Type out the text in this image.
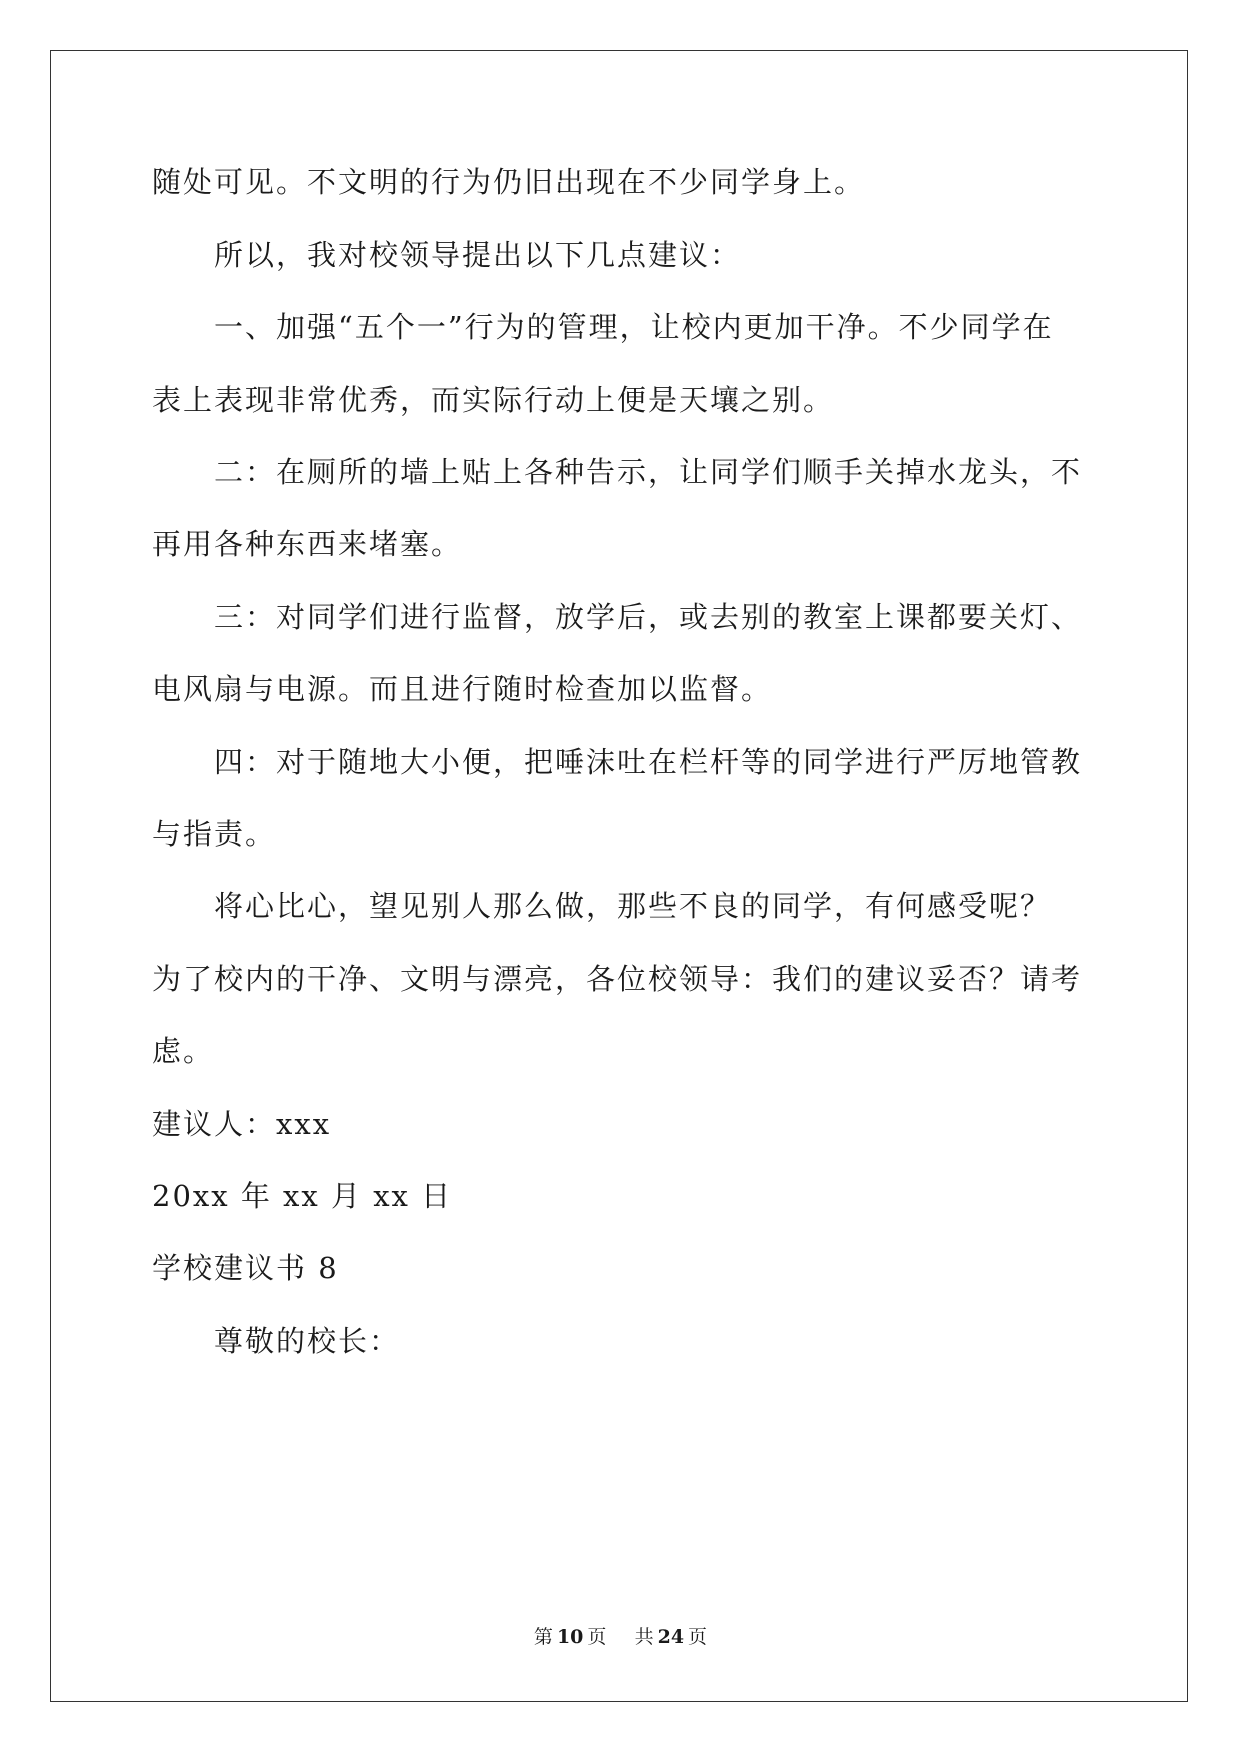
随处可见。不文明的行为仍旧出现在不少同学身上。
所以，我对校领导提出以下几点建议：
一、加强“五个一”行为的管理，让校内更加干净。不少同学在
表上表现非常优秀，而实际行动上便是天壤之别。
二：在厕所的墙上贴上各种告示，让同学们顺手关掉水龙头，不
再用各种东西来堵塞。
三：对同学们进行监督，放学后，或去别的教室上课都要关灯、
电风扇与电源。而且进行随时检查加以监督。
四：对于随地大小便，把唾沫吐在栏杆等的同学进行严厉地管教
与指责。
将心比心，望见别人那么做，那些不良的同学，有何感受呢？
为了校内的干净、文明与漂亮，各位校领导：我们的建议妥否？请考
虑。
建议人：xxx
20xx 年 xx 月 xx 日
学校建议书 8
尊敬的校长：
第 10 页 共 24 页
